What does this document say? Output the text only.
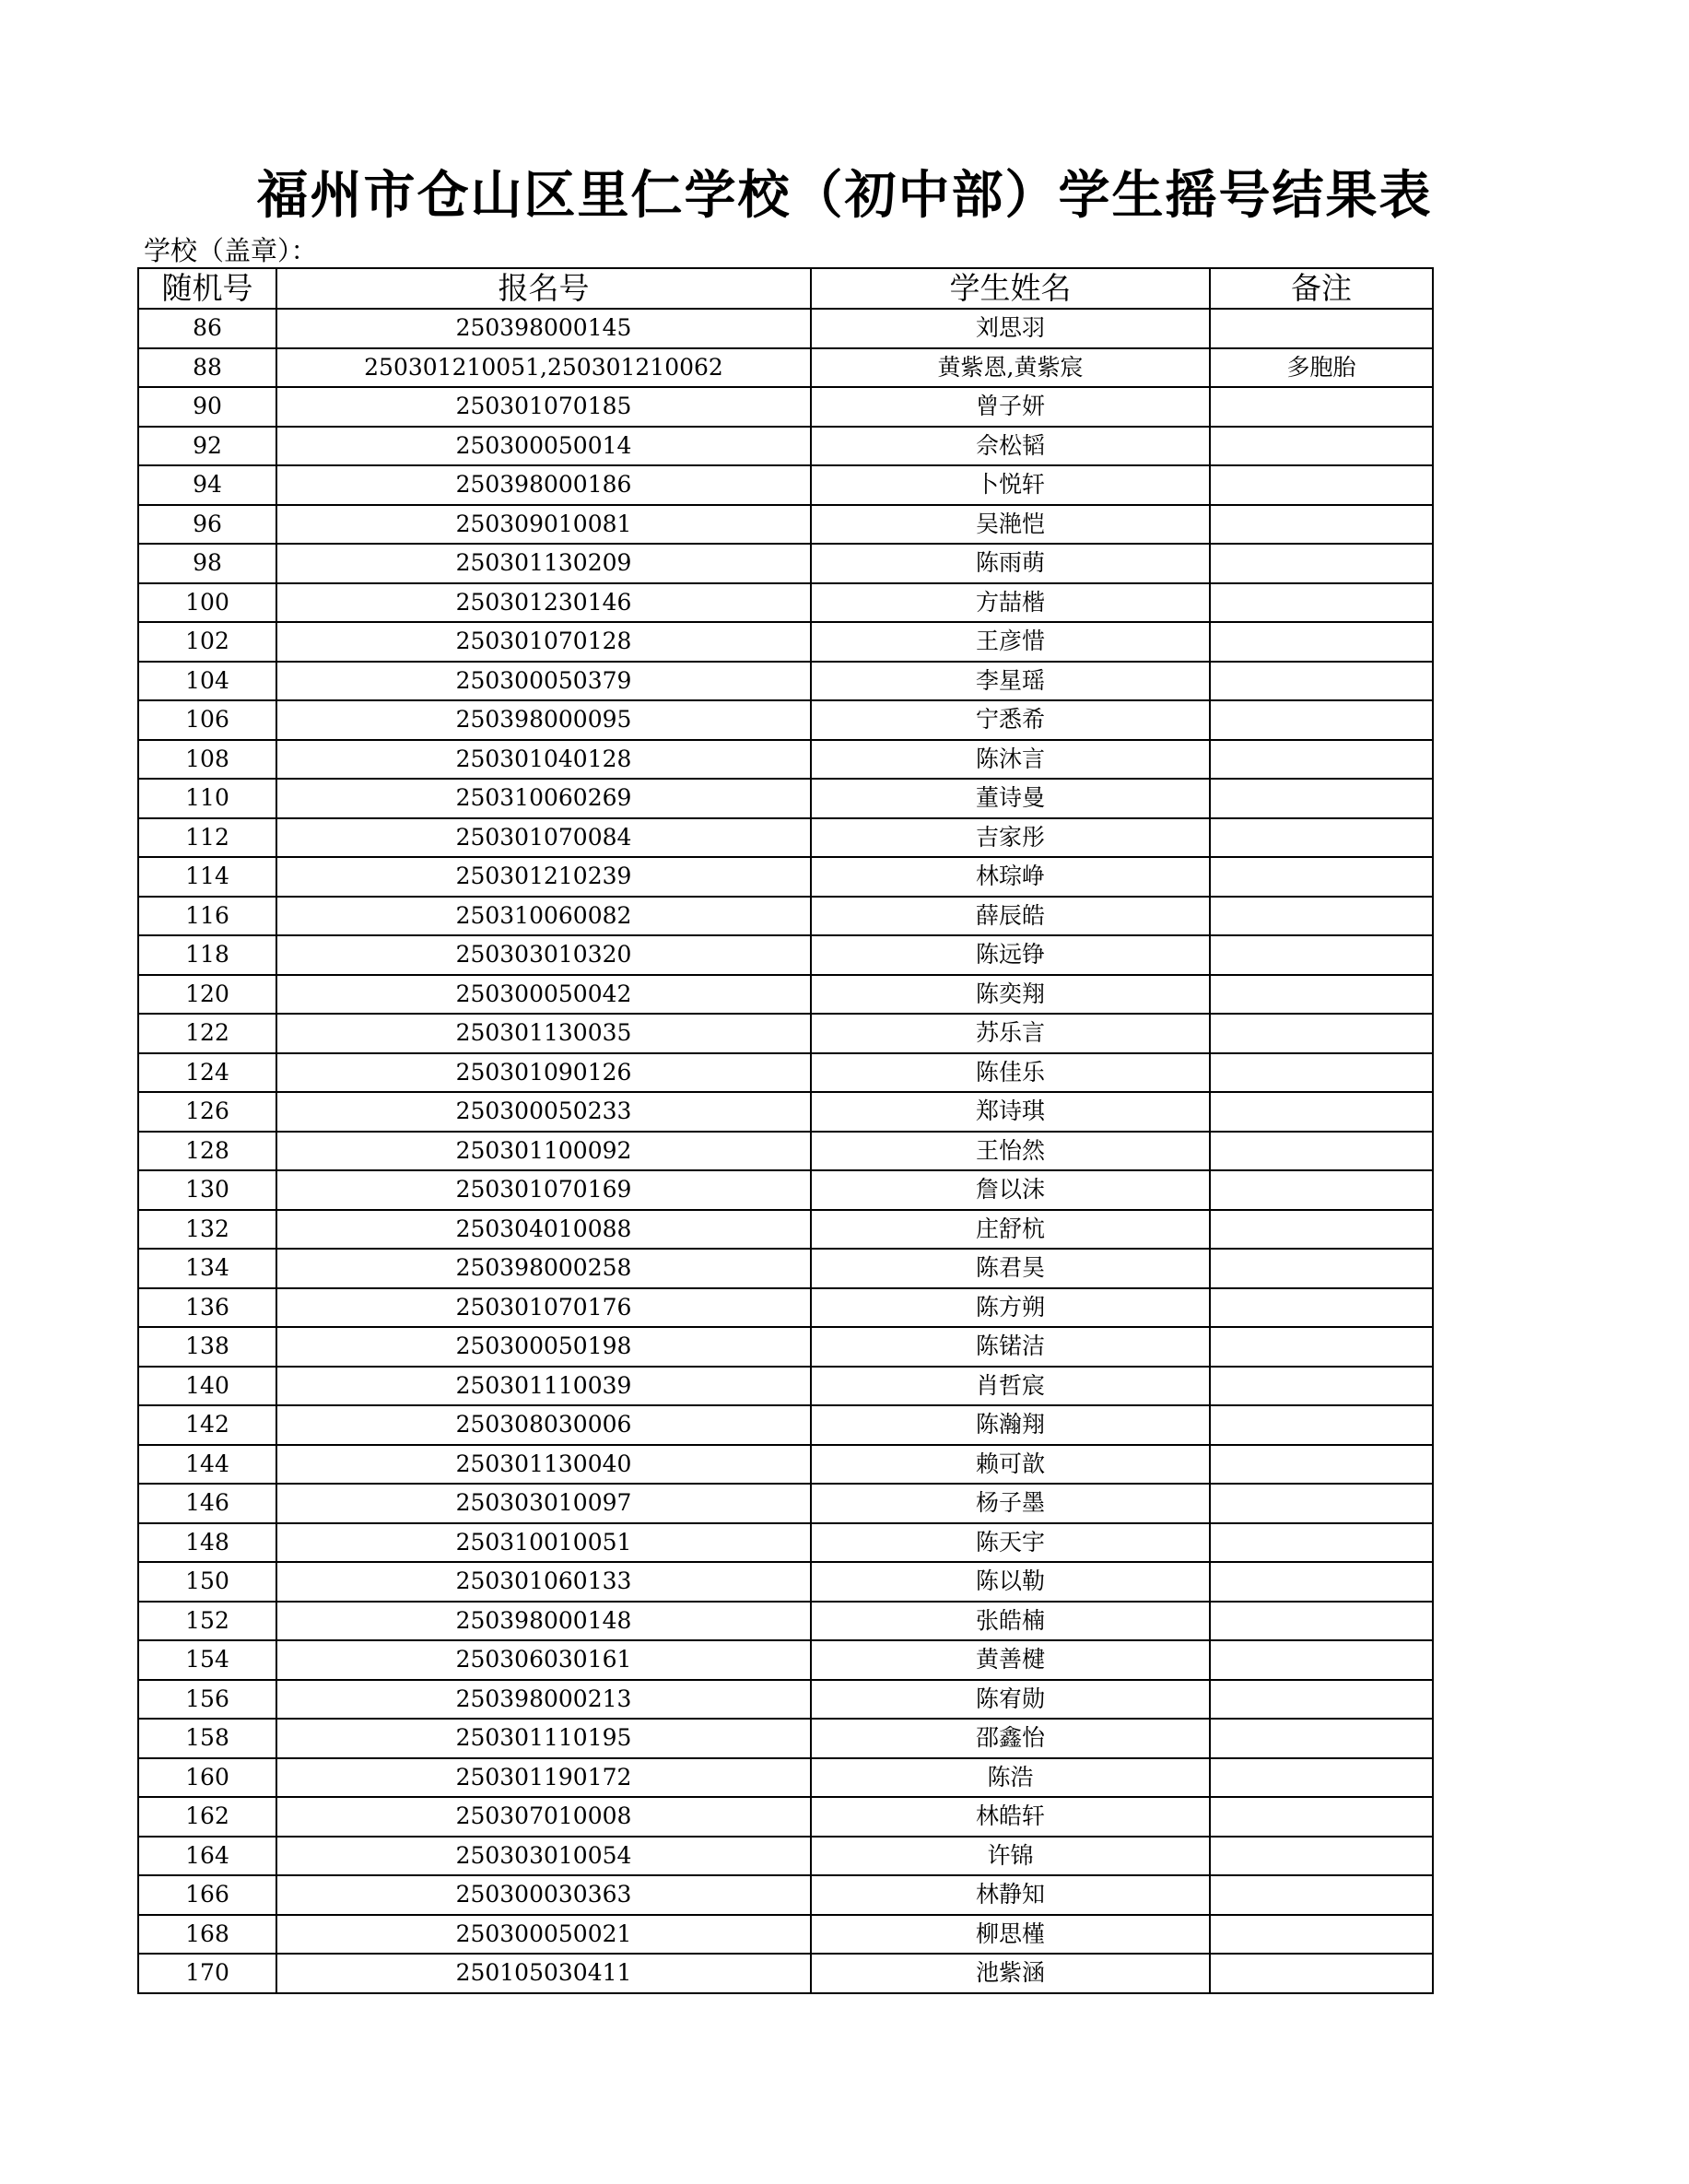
福州市仓山区里仁学校（初中部）学生摇号结果表
学校（盖章）：
随机号	报名号	学生姓名	备注
86	250398000145	刘思羽	
88	250301210051,250301210062	黄紫恩,黄紫宸	多胞胎
90	250301070185	曾子妍	
92	250300050014	佘松韬	
94	250398000186	卜悦轩	
96	250309010081	吴滟恺	
98	250301130209	陈雨萌	
100	250301230146	方喆楷	
102	250301070128	王彦惜	
104	250300050379	李星瑶	
106	250398000095	宁悉希	
108	250301040128	陈沐言	
110	250310060269	董诗曼	
112	250301070084	吉家彤	
114	250301210239	林琮峥	
116	250310060082	薛辰皓	
118	250303010320	陈远铮	
120	250300050042	陈奕翔	
122	250301130035	苏乐言	
124	250301090126	陈佳乐	
126	250300050233	郑诗琪	
128	250301100092	王怡然	
130	250301070169	詹以沫	
132	250304010088	庄舒杭	
134	250398000258	陈君昊	
136	250301070176	陈方朔	
138	250300050198	陈锘洁	
140	250301110039	肖哲宸	
142	250308030006	陈瀚翔	
144	250301130040	赖可歆	
146	250303010097	杨子墨	
148	250310010051	陈天宇	
150	250301060133	陈以勒	
152	250398000148	张皓楠	
154	250306030161	黄善楗	
156	250398000213	陈宥勋	
158	250301110195	邵鑫怡	
160	250301190172	陈浩	
162	250307010008	林皓轩	
164	250303010054	许锦	
166	250300030363	林静知	
168	250300050021	柳思槿	
170	250105030411	池紫涵	
